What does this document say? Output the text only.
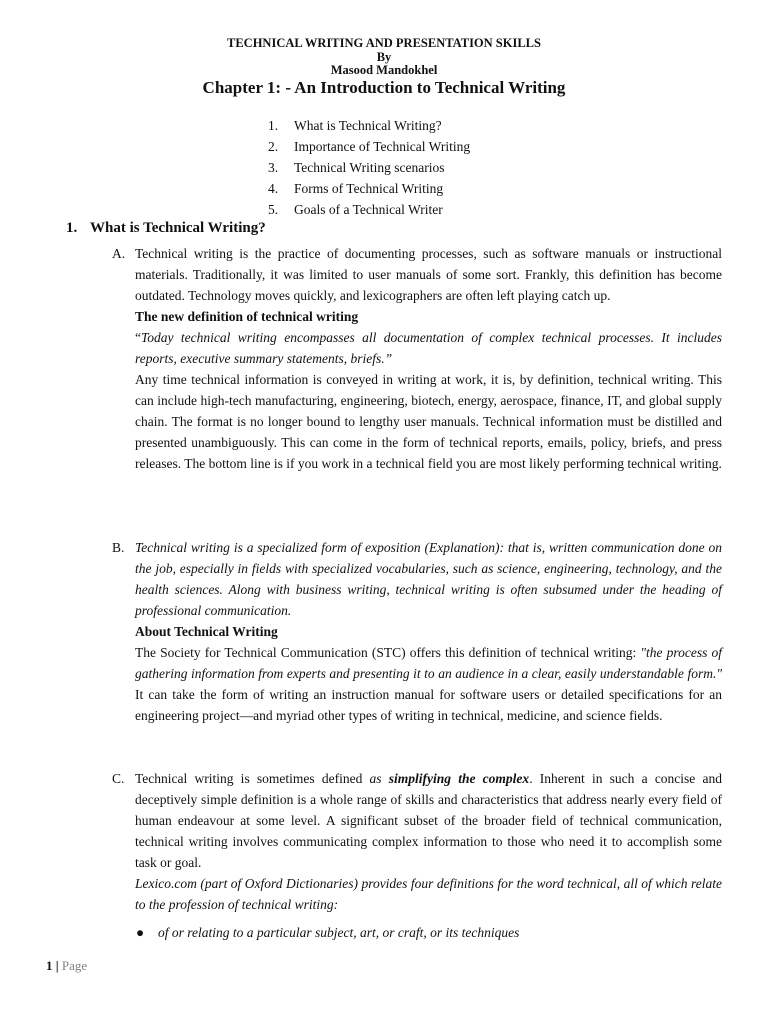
TECHNICAL WRITING AND PRESENTATION SKILLS

By

Masood Mandokhel

Chapter 1: - An Introduction to Technical Writing
1. What is Technical Writing?
2. Importance of Technical Writing
3. Technical Writing scenarios
4. Forms of Technical Writing
5. Goals of a Technical Writer
1. What is Technical Writing?
A. Technical writing is the practice of documenting processes, such as software manuals or instructional materials. Traditionally, it was limited to user manuals of some sort. Frankly, this definition has become outdated. Technology moves quickly, and lexicographers are often left playing catch up.

The new definition of technical writing

“Today technical writing encompasses all documentation of complex technical processes. It includes reports, executive summary statements, briefs.”

Any time technical information is conveyed in writing at work, it is, by definition, technical writing. This can include high-tech manufacturing, engineering, biotech, energy, aerospace, finance, IT, and global supply chain. The format is no longer bound to lengthy user manuals. Technical information must be distilled and presented unambiguously. This can come in the form of technical reports, emails, policy, briefs, and press releases. The bottom line is if you work in a technical field you are most likely performing technical writing.

B. Technical writing is a specialized form of exposition (Explanation): that is, written communication done on the job, especially in fields with specialized vocabularies, such as science, engineering, technology, and the health sciences. Along with business writing, technical writing is often subsumed under the heading of professional communication.

About Technical Writing

The Society for Technical Communication (STC) offers this definition of technical writing: "the process of gathering information from experts and presenting it to an audience in a clear, easily understandable form." It can take the form of writing an instruction manual for software users or detailed specifications for an engineering project—and myriad other types of writing in technical, medicine, and science fields.

C. Technical writing is sometimes defined as simplifying the complex. Inherent in such a concise and deceptively simple definition is a whole range of skills and characteristics that address nearly every field of human endeavour at some level. A significant subset of the broader field of technical communication, technical writing involves communicating complex information to those who need it to accomplish some task or goal.

Lexico.com (part of Oxford Dictionaries) provides four definitions for the word technical, all of which relate to the profession of technical writing:

● of or relating to a particular subject, art, or craft, or its techniques
1 | Page
